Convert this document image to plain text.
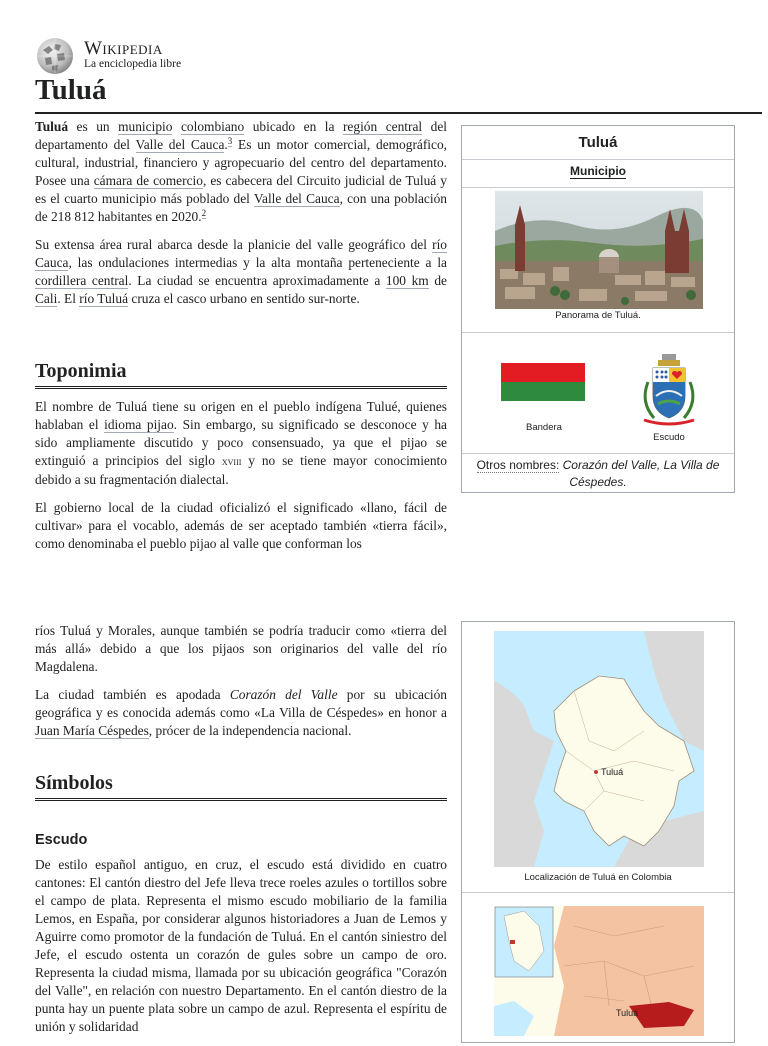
Wikipedia
La enciclopedia libre
Tuluá

Tuluá es un municipio colombiano ubicado en la región central del departamento del Valle del Cauca.$^3$ Es un motor comercial, demográfico, cultural, industrial, financiero y agropecuario del centro del departamento. Posee una cámara de comercio, es cabecera del Circuito judicial de Tuluá y es el cuarto municipio más poblado del Valle del Cauca, con una población de 218 812 habitantes en 2020.$^2$

Su extensa área rural abarca desde la planicie del valle geográfico del río Cauca, las ondulaciones intermedias y la alta montaña perteneciente a la cordillera central. La ciudad se encuentra aproximadamente a 100 km de Cali. El río Tuluá cruza el casco urbano en sentido sur-norte.

Toponimia

El nombre de Tuluá tiene su origen en el pueblo indígena Tulué, quienes hablaban el idioma pijao. Sin embargo, su significado se desconoce y ha sido ampliamente discutido y poco consensuado, ya que el pijao se extinguió a principios del siglo xviii y no se tiene mayor conocimiento debido a su fragmentación dialectal.

El gobierno local de la ciudad oficializó el significado «llano, fácil de cultivar» para el vocablo, además de ser aceptado también «tierra fácil», como denominaba el pueblo pijao al valle que conforman los

ríos Tuluá y Morales, aunque también se podría traducir como «tierra del más allá» debido a que los pijaos son originarios del valle del río Magdalena.

La ciudad también es apodada Corazón del Valle por su ubicación geográfica y es conocida además como «La Villa de Céspedes» en honor a Juan María Céspedes, prócer de la independencia nacional.

Símbolos
Escudo

De estilo español antiguo, en cruz, el escudo está dividido en cuatro cantones: El cantón diestro del Jefe lleva trece roeles azules o tortillos sobre el campo de plata. Representa el mismo escudo mobiliario de la familia Lemos, en España, por considerar algunos historiadores a Juan de Lemos y Aguirre como promotor de la fundación de Tuluá. En el cantón siniestro del Jefe, el escudo ostenta un corazón de gules sobre un campo de oro. Representa la ciudad misma, llamada por su ubicación geográfica "Corazón del Valle", en relación con nuestro Departamento. En el cantón diestro de la punta hay un puente plata sobre un campo de azul. Representa el espíritu de unión y solidaridad

Tuluá
Municipio
Panorama de Tuluá.
Bandera
Escudo
Otros nombres: Corazón del Valle, La Villa de Céspedes.
Tuluá
Localización de Tuluá en Colombia
Tuluá
